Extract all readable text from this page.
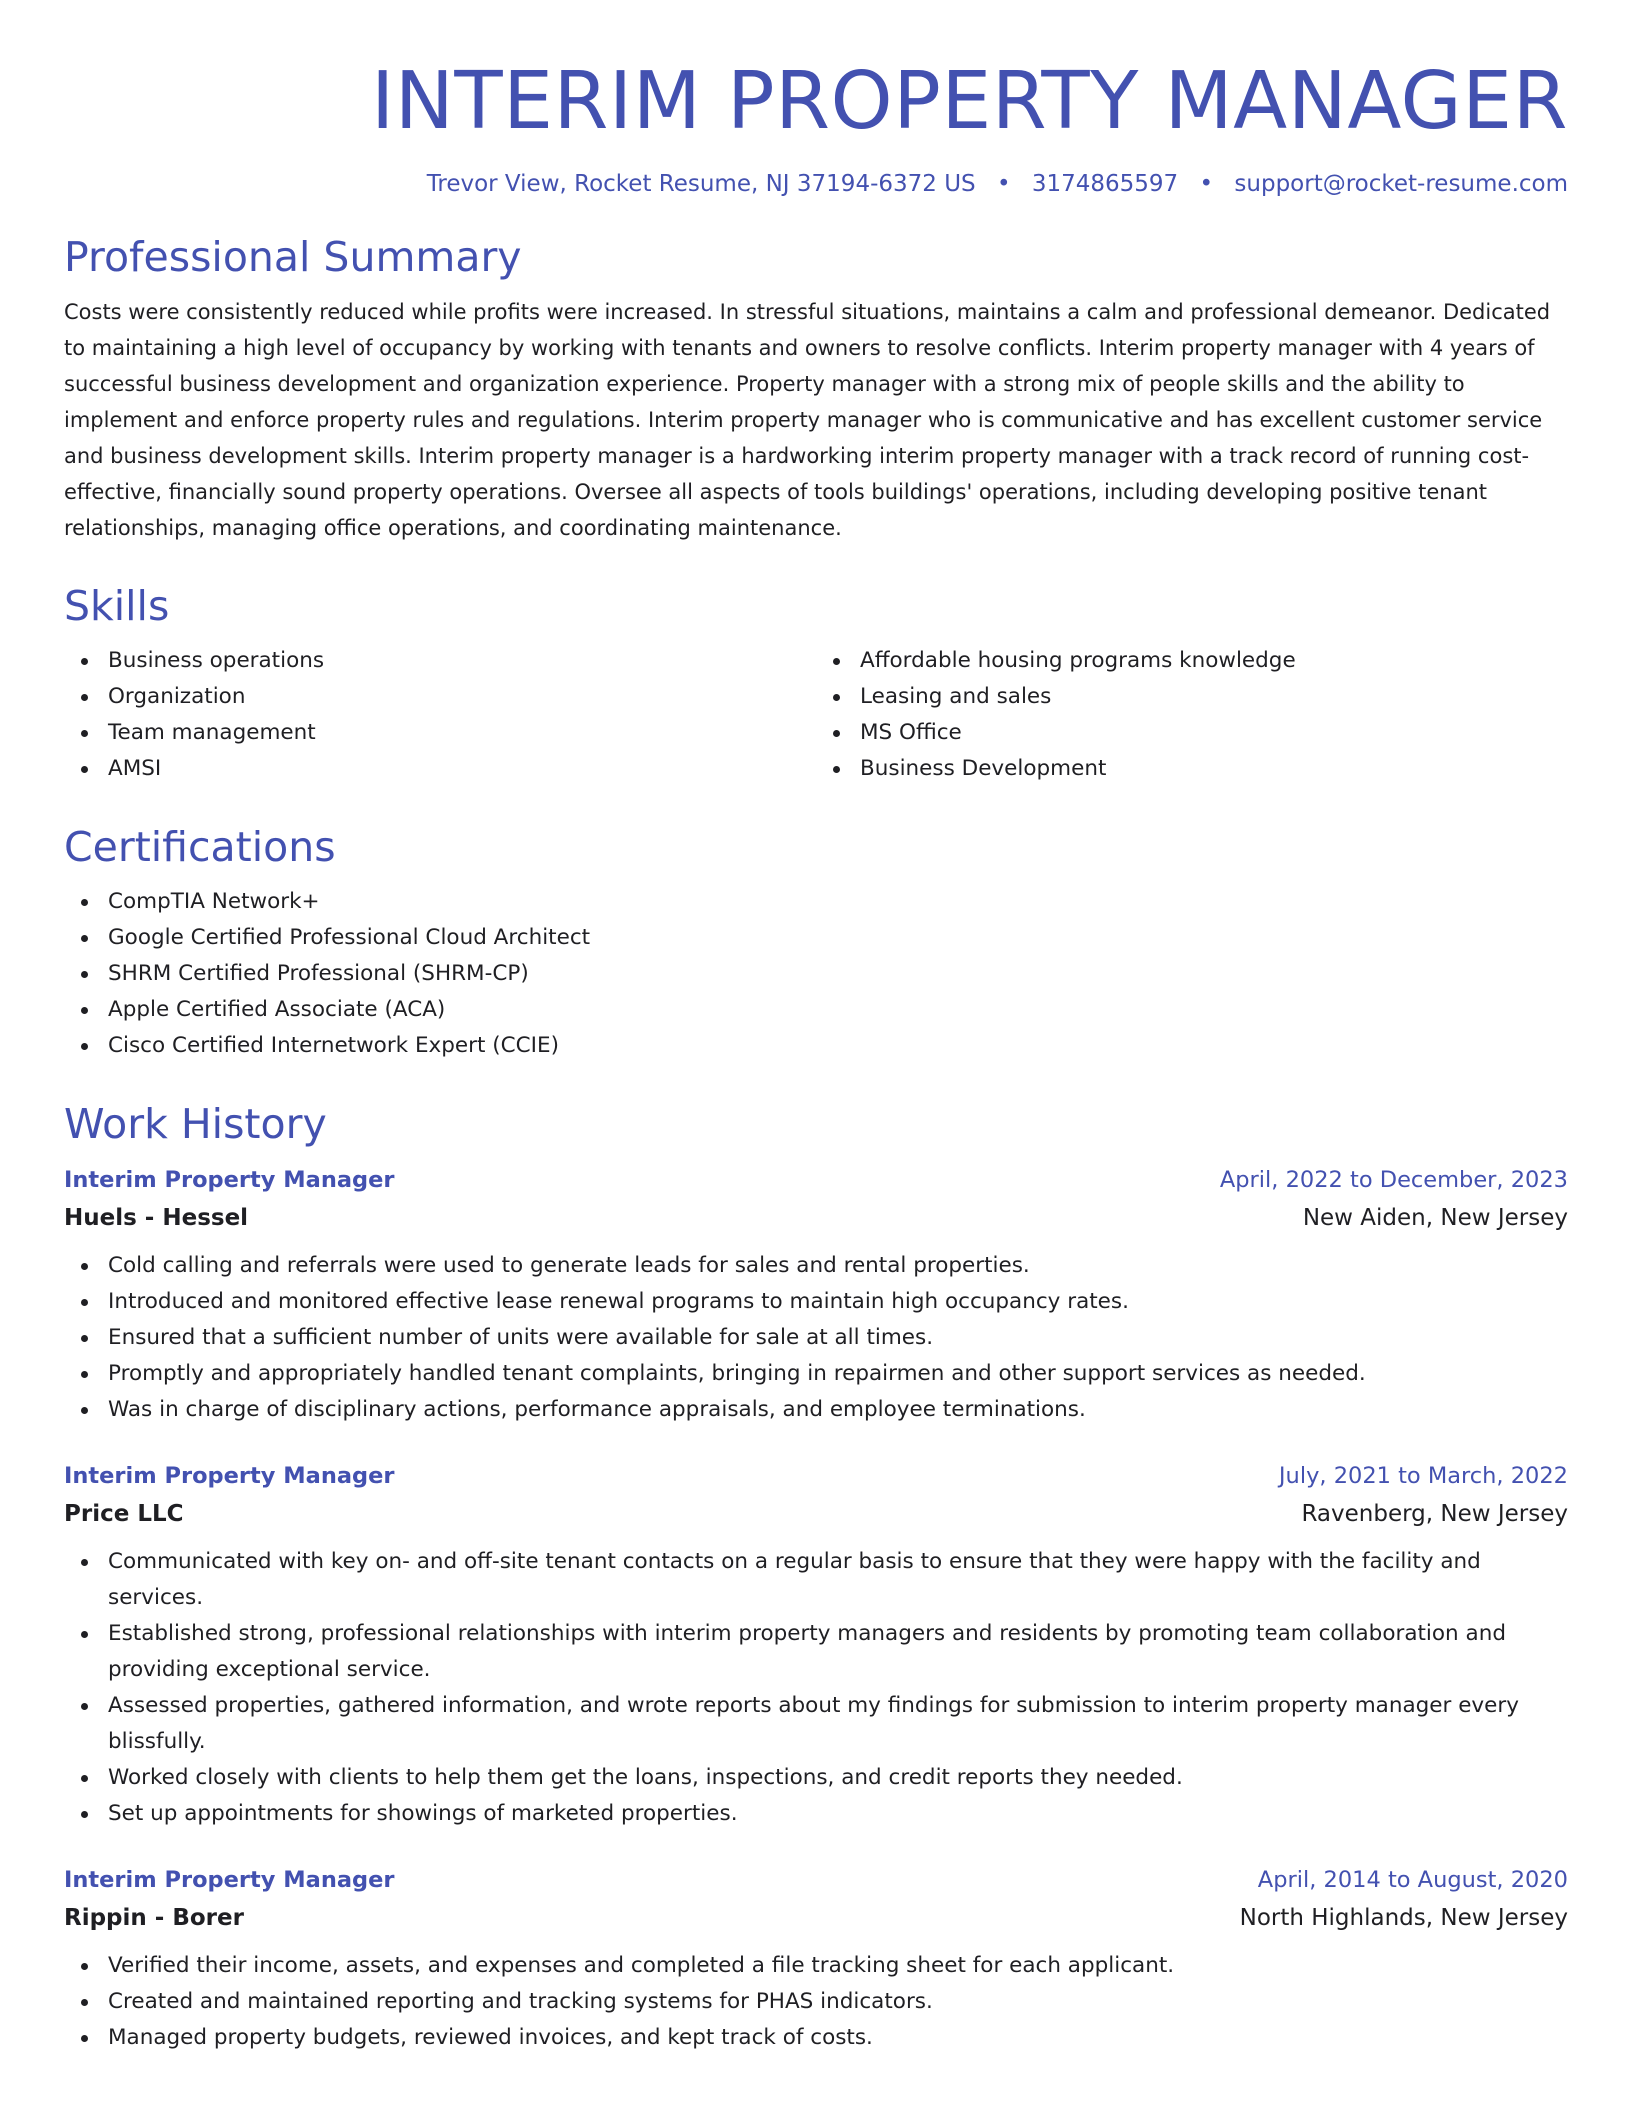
INTERIM PROPERTY MANAGER
Trevor View, Rocket Resume, NJ 37194-6372 US • 3174865597 • support@rocket-resume.com
Professional Summary

Costs were consistently reduced while profits were increased. In stressful situations, maintains a calm and professional demeanor. Dedicated to maintaining a high level of occupancy by working with tenants and owners to resolve conflicts. Interim property manager with 4 years of successful business development and organization experience. Property manager with a strong mix of people skills and the ability to implement and enforce property rules and regulations. Interim property manager who is communicative and has excellent customer service and business development skills. Interim property manager is a hardworking interim property manager with a track record of running cost-effective, financially sound property operations. Oversee all aspects of tools buildings' operations, including developing positive tenant relationships, managing office operations, and coordinating maintenance.

Skills
Business operations
Organization
Team management
AMSI
Affordable housing programs knowledge
Leasing and sales
MS Office
Business Development
Certifications
CompTIA Network+
Google Certified Professional Cloud Architect
SHRM Certified Professional (SHRM-CP)
Apple Certified Associate (ACA)
Cisco Certified Internetwork Expert (CCIE)
Work History
Interim Property Manager	April, 2022 to December, 2023
Huels - Hessel	New Aiden, New Jersey
Cold calling and referrals were used to generate leads for sales and rental properties.
Introduced and monitored effective lease renewal programs to maintain high occupancy rates.
Ensured that a sufficient number of units were available for sale at all times.
Promptly and appropriately handled tenant complaints, bringing in repairmen and other support services as needed.
Was in charge of disciplinary actions, performance appraisals, and employee terminations.
Interim Property Manager	July, 2021 to March, 2022
Price LLC	Ravenberg, New Jersey
Communicated with key on- and off-site tenant contacts on a regular basis to ensure that they were happy with the facility and services.
Established strong, professional relationships with interim property managers and residents by promoting team collaboration and providing exceptional service.
Assessed properties, gathered information, and wrote reports about my findings for submission to interim property manager every blissfully.
Worked closely with clients to help them get the loans, inspections, and credit reports they needed.
Set up appointments for showings of marketed properties.
Interim Property Manager	April, 2014 to August, 2020
Rippin - Borer	North Highlands, New Jersey
Verified their income, assets, and expenses and completed a file tracking sheet for each applicant.
Created and maintained reporting and tracking systems for PHAS indicators.
Managed property budgets, reviewed invoices, and kept track of costs.
